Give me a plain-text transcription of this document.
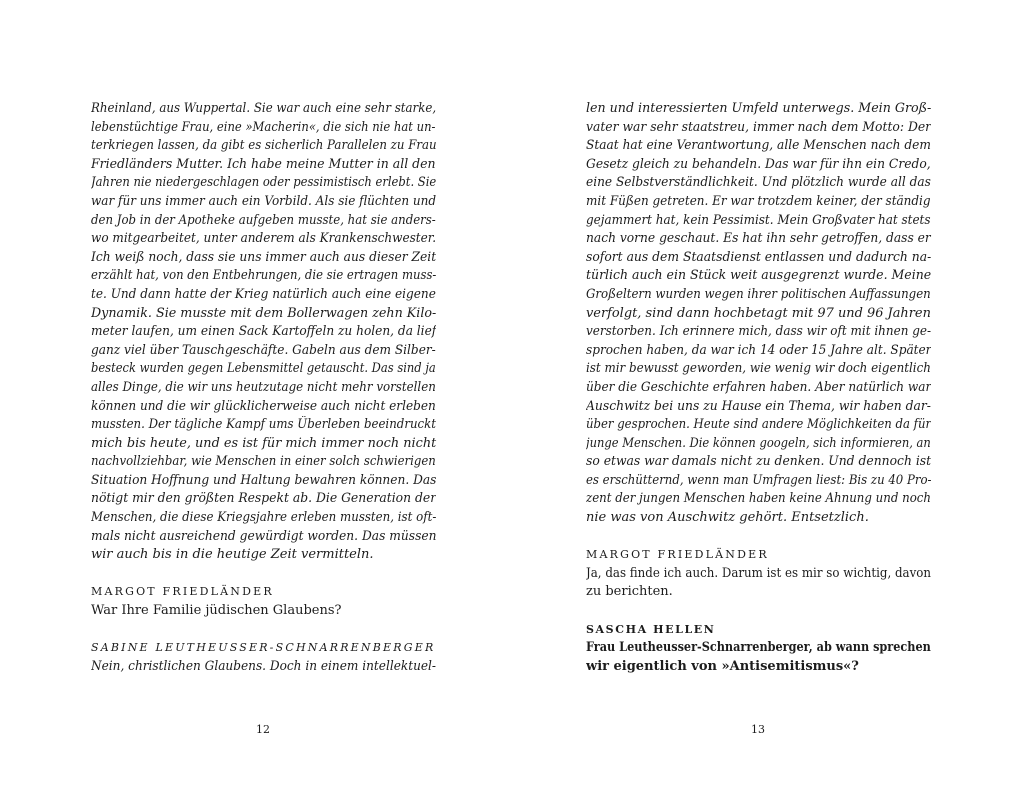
Rheinland, aus Wuppertal. Sie war auch eine sehr starke,
lebenstüchtige Frau, eine »Macherin«, die sich nie hat un-
terkriegen lassen, da gibt es sicherlich Parallelen zu Frau
Friedländers Mutter. Ich habe meine Mutter in all den
Jahren nie niedergeschlagen oder pessimistisch erlebt. Sie
war für uns immer auch ein Vorbild. Als sie flüchten und
den Job in der Apotheke aufgeben musste, hat sie anders-
wo mitgearbeitet, unter anderem als Krankenschwester.
Ich weiß noch, dass sie uns immer auch aus dieser Zeit
erzählt hat, von den Entbehrungen, die sie ertragen muss-
te. Und dann hatte der Krieg natürlich auch eine eigene
Dynamik. Sie musste mit dem Bollerwagen zehn Kilo-
meter laufen, um einen Sack Kartoffeln zu holen, da lief
ganz viel über Tauschgeschäfte. Gabeln aus dem Silber-
besteck wurden gegen Lebensmittel getauscht. Das sind ja
alles Dinge, die wir uns heutzutage nicht mehr vorstellen
können und die wir glücklicherweise auch nicht erleben
mussten. Der tägliche Kampf ums Überleben beeindruckt
mich bis heute, und es ist für mich immer noch nicht
nachvollziehbar, wie Menschen in einer solch schwierigen
Situation Hoffnung und Haltung bewahren können. Das
nötigt mir den größten Respekt ab. Die Generation der
Menschen, die diese Kriegsjahre erleben mussten, ist oft-
mals nicht ausreichend gewürdigt worden. Das müssen
wir auch bis in die heutige Zeit vermitteln.
MARGOT FRIEDLÄNDER
War Ihre Familie jüdischen Glaubens?
SABINE LEUTHEUSSER-SCHNARRENBERGER
Nein, christlichen Glaubens. Doch in einem intellektuel-
12
len und interessierten Umfeld unterwegs. Mein Groß-
vater war sehr staatstreu, immer nach dem Motto: Der
Staat hat eine Verantwortung, alle Menschen nach dem
Gesetz gleich zu behandeln. Das war für ihn ein Credo,
eine Selbstverständlichkeit. Und plötzlich wurde all das
mit Füßen getreten. Er war trotzdem keiner, der ständig
gejammert hat, kein Pessimist. Mein Großvater hat stets
nach vorne geschaut. Es hat ihn sehr getroffen, dass er
sofort aus dem Staatsdienst entlassen und dadurch na-
türlich auch ein Stück weit ausgegrenzt wurde. Meine
Großeltern wurden wegen ihrer politischen Auffassungen
verfolgt, sind dann hochbetagt mit 97 und 96 Jahren
verstorben. Ich erinnere mich, dass wir oft mit ihnen ge-
sprochen haben, da war ich 14 oder 15 Jahre alt. Später
ist mir bewusst geworden, wie wenig wir doch eigentlich
über die Geschichte erfahren haben. Aber natürlich war
Auschwitz bei uns zu Hause ein Thema, wir haben dar-
über gesprochen. Heute sind andere Möglichkeiten da für
junge Menschen. Die können googeln, sich informieren, an
so etwas war damals nicht zu denken. Und dennoch ist
es erschütternd, wenn man Umfragen liest: Bis zu 40 Pro-
zent der jungen Menschen haben keine Ahnung und noch
nie was von Auschwitz gehört. Entsetzlich.
MARGOT FRIEDLÄNDER
Ja, das finde ich auch. Darum ist es mir so wichtig, davon
zu berichten.
SASCHA HELLEN
Frau Leutheusser-Schnarrenberger, ab wann sprechen
wir eigentlich von »Antisemitismus«?
13
